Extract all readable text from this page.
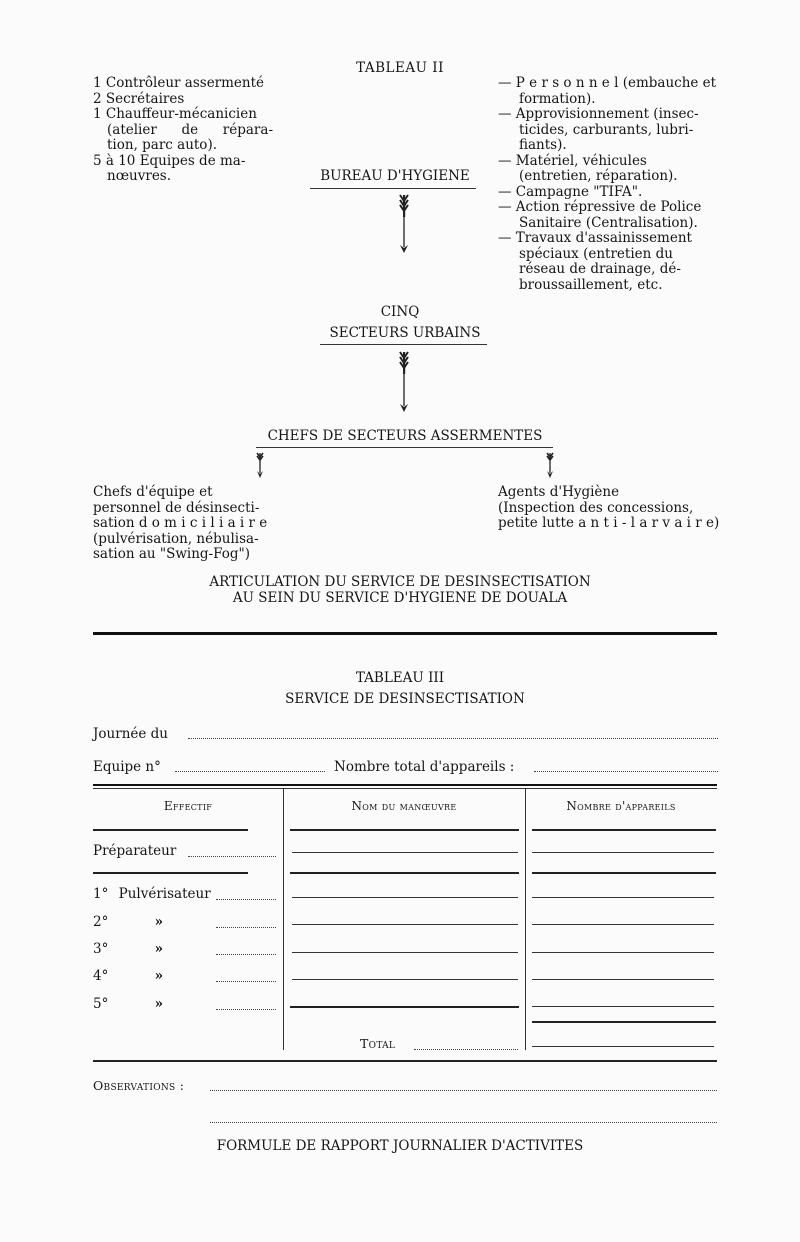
TABLEAU II
1 Contrôleur assermenté
2 Secrétaires
1 Chauffeur-mécanicien
(atelier de répara-
tion, parc auto).
5 à 10 Equipes de ma-
nœuvres.
— P e r s o n n e l (embauche et
formation).
— Approvisionnement (insec-
ticides, carburants, lubri-
fiants).
— Matériel, véhicules
(entretien, réparation).
— Campagne "TIFA".
— Action répressive de Police
Sanitaire (Centralisation).
— Travaux d'assainissement
spéciaux (entretien du
réseau de drainage, dé-
broussaillement, etc.
BUREAU D'HYGIENE
CINQ
SECTEURS URBAINS
CHEFS DE SECTEURS ASSERMENTES
Chefs d'équipe et
personnel de désinsecti-
sation d o m i c i l i a i r e
(pulvérisation, nébulisa-
sation au "Swing-Fog")
Agents d'Hygiène
(Inspection des concessions,
petite lutte a n t i - l a r v a i r e)
ARTICULATION DU SERVICE DE DESINSECTISATION
AU SEIN DU SERVICE D'HYGIENE DE DOUALA
TABLEAU III
SERVICE DE DESINSECTISATION
Journée du
Equipe n°	Nombre total d'appareils :
Effectif	Nom du manœuvre	Nombre d'appareils
Préparateur
1° Pulvérisateur
2°	»
3°	»
4°	»
5°	»
Total
Observations :
FORMULE DE RAPPORT JOURNALIER D'ACTIVITES
